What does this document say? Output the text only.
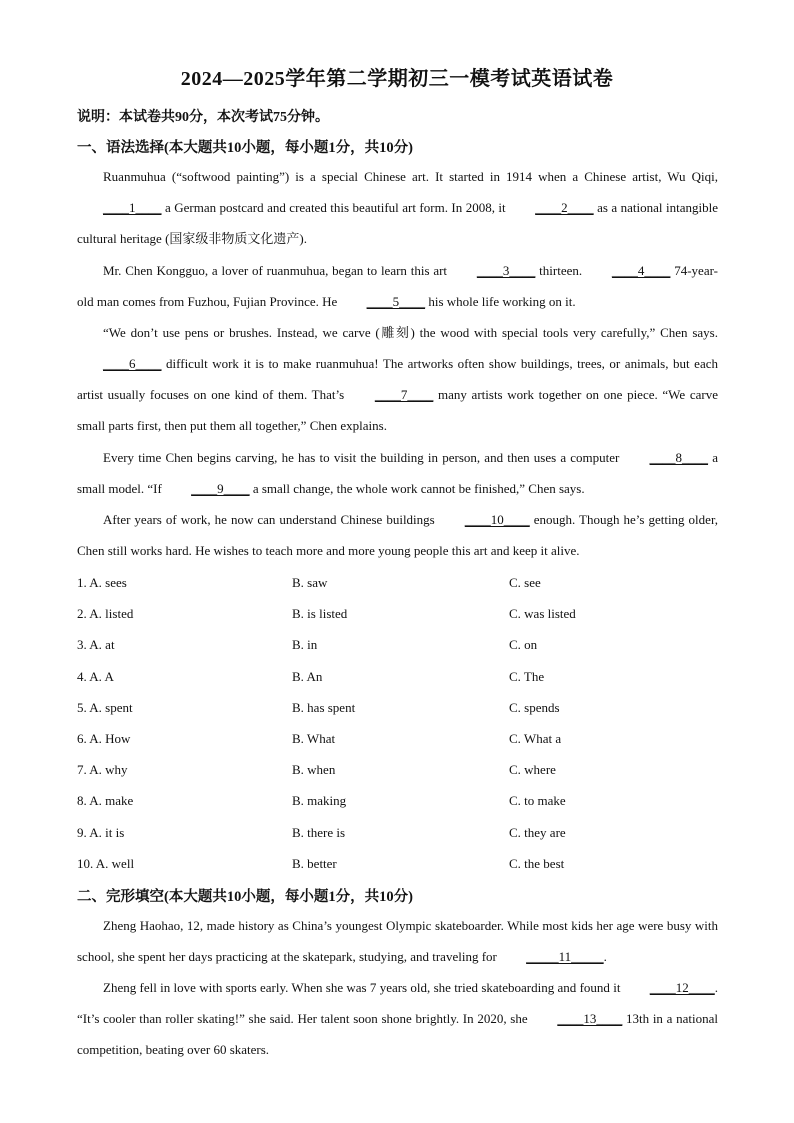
2024—2025学年第二学期初三一模考试英语试卷
说明：本试卷共90分，本次考试75分钟。
一、语法选择(本大题共10小题，每小题1分，共10分)

Ruanmuhua (“softwood painting”) is a special Chinese art. It started in 1914 when a Chinese artist, Wu Qiqi, ____1____ a German postcard and created this beautiful art form. In 2008, it ____2____ as a national intangible cultural heritage (国家级非物质文化遗产).

Mr. Chen Kongguo, a lover of ruanmuhua, began to learn this art ____3____ thirteen. ____4____ 74-year-old man comes from Fuzhou, Fujian Province. He ____5____ his whole life working on it.

“We don’t use pens or brushes. Instead, we carve (雕刻) the wood with special tools very carefully,” Chen says. ____6____ difficult work it is to make ruanmuhua! The artworks often show buildings, trees, or animals, but each artist usually focuses on one kind of them. That’s ____7____ many artists work together on one piece. “We carve small parts first, then put them all together,” Chen explains.

Every time Chen begins carving, he has to visit the building in person, and then uses a computer ____8____ a small model. “If ____9____ a small change, the whole work cannot be finished,” Chen says.

After years of work, he now can understand Chinese buildings ____10____ enough. Though he’s getting older, Chen still works hard. He wishes to teach more and more young people this art and keep it alive.

1. A. sees	B. saw	C. see
2. A. listed	B. is listed	C. was listed
3. A. at	B. in	C. on
4. A. A	B. An	C. The
5. A. spent	B. has spent	C. spends
6. A. How	B. What	C. What a
7. A. why	B. when	C. where
8. A. make	B. making	C. to make
9. A. it is	B. there is	C. they are
10. A. well	B. better	C. the best
二、完形填空(本大题共10小题，每小题1分，共10分)

Zheng Haohao, 12, made history as China’s youngest Olympic skateboarder. While most kids her age were busy with school, she spent her days practicing at the skatepark, studying, and traveling for _____11_____.

Zheng fell in love with sports early. When she was 7 years old, she tried skateboarding and found it ____12____. “It’s cooler than roller skating!” she said. Her talent soon shone brightly. In 2020, she ____13____ 13th in a national competition, beating over 60 skaters.
